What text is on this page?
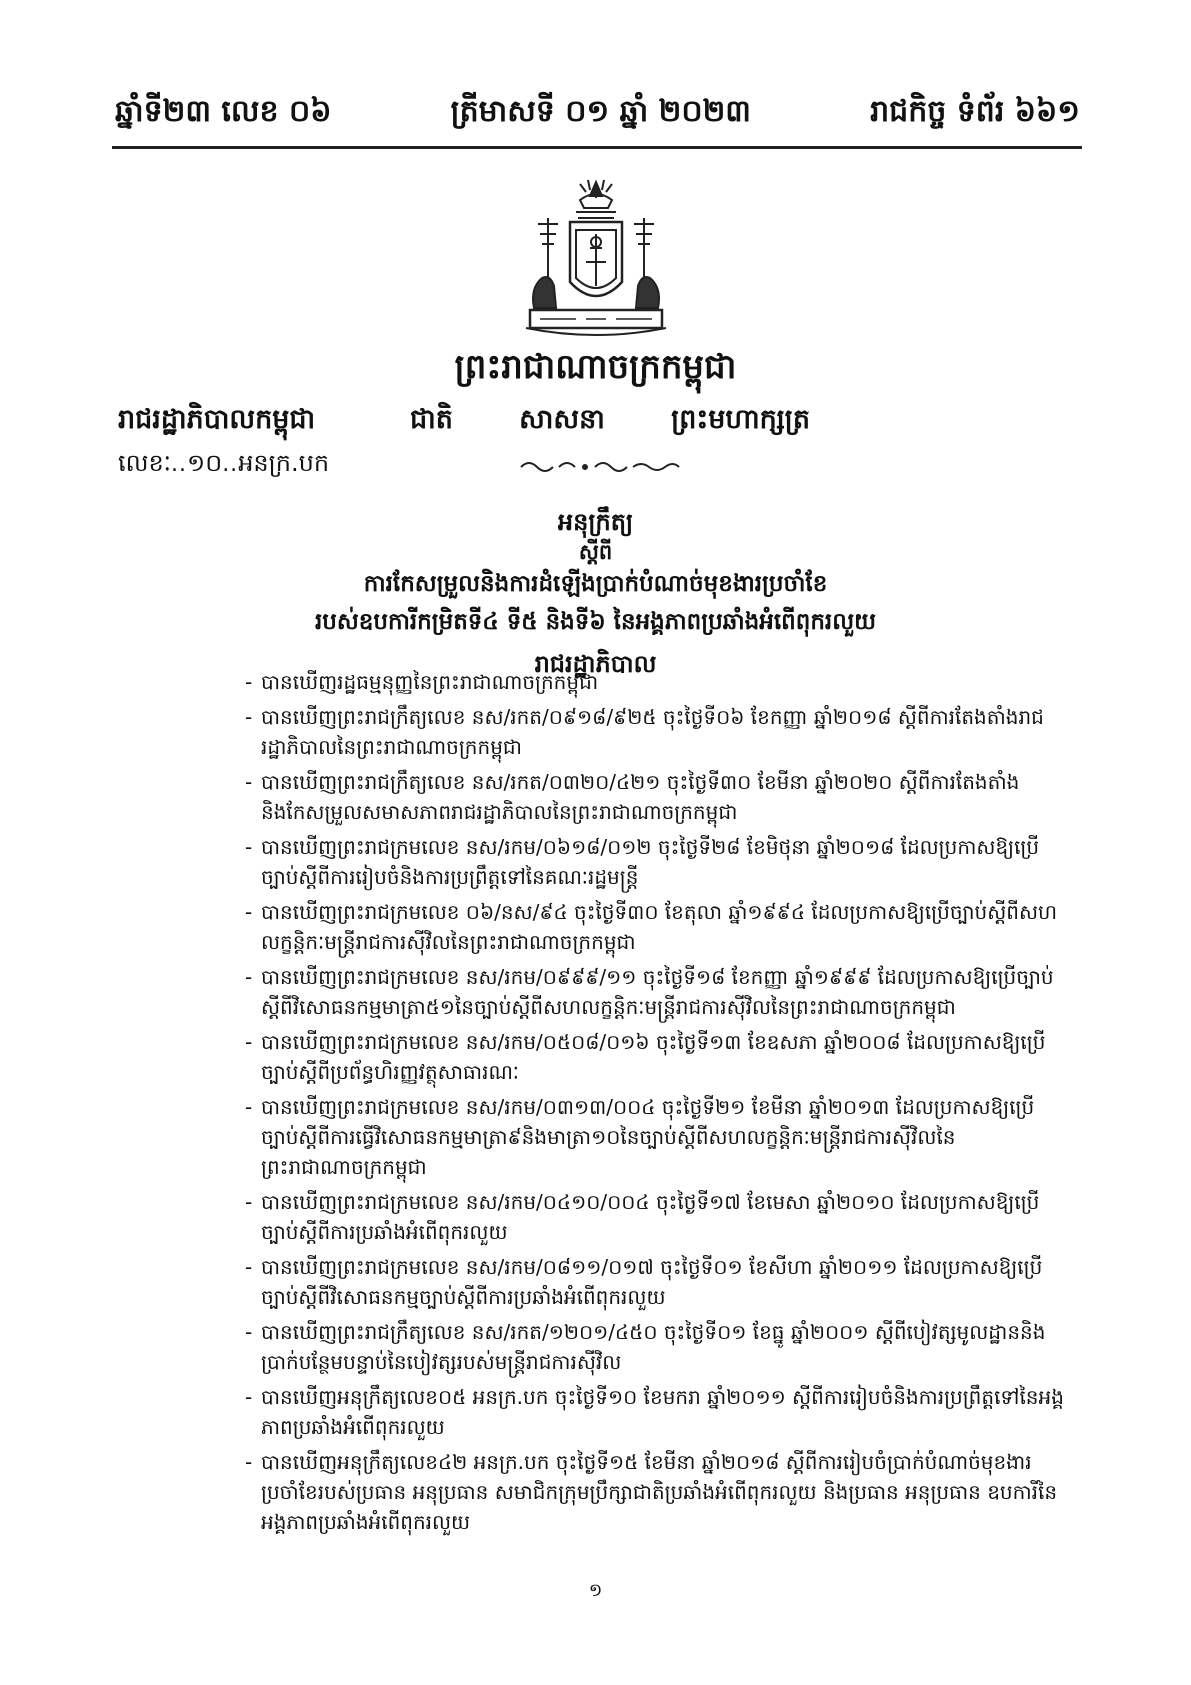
ឆ្នាំទី២៣ លេខ ០៦	ត្រីមាសទី ០១ ឆ្នាំ ២០២៣	រាជកិច្ច ទំព័រ ៦៦១
ព្រះរាជាណាចក្រកម្ពុជា
រាជរដ្ឋាភិបាលកម្ពុជា
លេខៈ..១០..អនក្រ.បក
ជាតិ សាសនា ព្រះមហាក្សត្រ
អនុក្រឹត្យ
ស្តីពី
ការកែសម្រួលនិងការដំឡើងប្រាក់បំណាច់មុខងារប្រចាំខែ
របស់ឧបការីកម្រិតទី៤ ទី៥ និងទី៦ នៃអង្គភាពប្រឆាំងអំពើពុករលួយ
រាជរដ្ឋាភិបាល
- បានឃើញរដ្ឋធម្មនុញ្ញនៃព្រះរាជាណាចក្រកម្ពុជា
- បានឃើញព្រះរាជក្រឹត្យលេខ នស/រកត/០៩១៨/៩២៥ ចុះថ្ងៃទី០៦ ខែកញ្ញា ឆ្នាំ២០១៨ ស្តីពីការតែងតាំងរាជរដ្ឋាភិបាលនៃព្រះរាជាណាចក្រកម្ពុជា
- បានឃើញព្រះរាជក្រឹត្យលេខ នស/រកត/០៣២០/៤២១ ចុះថ្ងៃទី៣០ ខែមីនា ឆ្នាំ២០២០ ស្តីពីការតែងតាំងនិងកែសម្រួលសមាសភាពរាជរដ្ឋាភិបាលនៃព្រះរាជាណាចក្រកម្ពុជា
- បានឃើញព្រះរាជក្រមលេខ នស/រកម/០៦១៨/០១២ ចុះថ្ងៃទី២៨ ខែមិថុនា ឆ្នាំ២០១៨ ដែលប្រកាសឱ្យប្រើច្បាប់ស្តីពីការរៀបចំនិងការប្រព្រឹត្តទៅនៃគណៈរដ្ឋមន្ត្រី
- បានឃើញព្រះរាជក្រមលេខ ០៦/នស/៩៤ ចុះថ្ងៃទី៣០ ខែតុលា ឆ្នាំ១៩៩៤ ដែលប្រកាសឱ្យប្រើច្បាប់ស្តីពីសហលក្ខន្តិកៈមន្ត្រីរាជការស៊ីវិលនៃព្រះរាជាណាចក្រកម្ពុជា
- បានឃើញព្រះរាជក្រមលេខ នស/រកម/០៩៩៩/១១ ចុះថ្ងៃទី១៨ ខែកញ្ញា ឆ្នាំ១៩៩៩ ដែលប្រកាសឱ្យប្រើច្បាប់ស្តីពីវិសោធនកម្មមាត្រា៥១នៃច្បាប់ស្តីពីសហលក្ខន្តិកៈមន្ត្រីរាជការស៊ីវិលនៃព្រះរាជាណាចក្រកម្ពុជា
- បានឃើញព្រះរាជក្រមលេខ នស/រកម/០៥០៨/០១៦ ចុះថ្ងៃទី១៣ ខែឧសភា ឆ្នាំ២០០៨ ដែលប្រកាសឱ្យប្រើច្បាប់ស្តីពីប្រព័ន្ធហិរញ្ញវត្ថុសាធារណៈ
- បានឃើញព្រះរាជក្រមលេខ នស/រកម/០៣១៣/០០៤ ចុះថ្ងៃទី២១ ខែមីនា ឆ្នាំ២០១៣ ដែលប្រកាសឱ្យប្រើច្បាប់ស្តីពីការធ្វើវិសោធនកម្មមាត្រា៩និងមាត្រា១០នៃច្បាប់ស្តីពីសហលក្ខន្តិកៈមន្ត្រីរាជការស៊ីវិលនៃព្រះរាជាណាចក្រកម្ពុជា
- បានឃើញព្រះរាជក្រមលេខ នស/រកម/០៤១០/០០៤ ចុះថ្ងៃទី១៧ ខែមេសា ឆ្នាំ២០១០ ដែលប្រកាសឱ្យប្រើច្បាប់ស្តីពីការប្រឆាំងអំពើពុករលួយ
- បានឃើញព្រះរាជក្រមលេខ នស/រកម/០៨១១/០១៧ ចុះថ្ងៃទី០១ ខែសីហា ឆ្នាំ២០១១ ដែលប្រកាសឱ្យប្រើច្បាប់ស្តីពីវិសោធនកម្មច្បាប់ស្តីពីការប្រឆាំងអំពើពុករលួយ
- បានឃើញព្រះរាជក្រឹត្យលេខ នស/រកត/១២០១/៤៥០ ចុះថ្ងៃទី០១ ខែធ្នូ ឆ្នាំ២០០១ ស្តីពីបៀវត្សមូលដ្ឋាននិងប្រាក់បន្ថែមបន្ទាប់នៃបៀវត្សរបស់មន្ត្រីរាជការស៊ីវិល
- បានឃើញអនុក្រឹត្យលេខ០៥ អនក្រ.បក ចុះថ្ងៃទី១០ ខែមករា ឆ្នាំ២០១១ ស្តីពីការរៀបចំនិងការប្រព្រឹត្តទៅនៃអង្គភាពប្រឆាំងអំពើពុករលួយ
- បានឃើញអនុក្រឹត្យលេខ៤២ អនក្រ.បក ចុះថ្ងៃទី១៥ ខែមីនា ឆ្នាំ២០១៨ ស្តីពីការរៀបចំប្រាក់បំណាច់មុខងារប្រចាំខែរបស់ប្រធាន អនុប្រធាន សមាជិកក្រុមប្រឹក្សាជាតិប្រឆាំងអំពើពុករលួយ និងប្រធាន អនុប្រធាន ឧបការីនៃអង្គភាពប្រឆាំងអំពើពុករលួយ
១
